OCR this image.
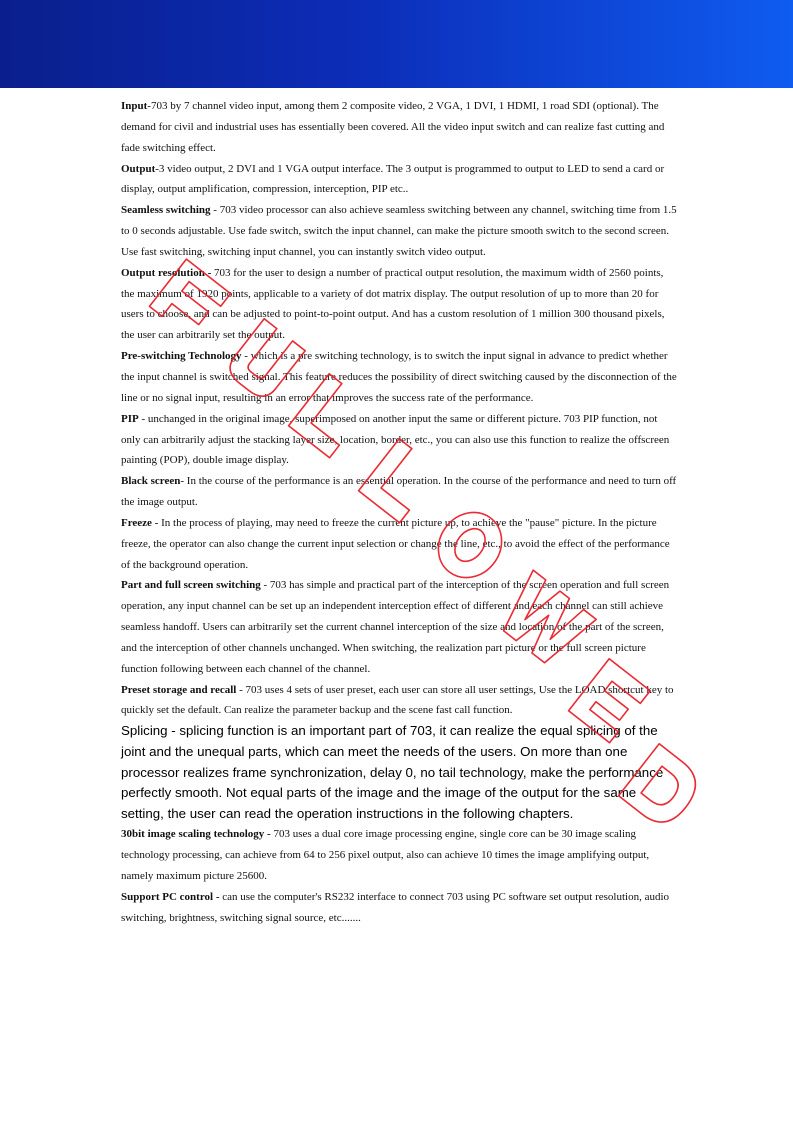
Input-703 by 7 channel video input, among them 2 composite video, 2 VGA, 1 DVI, 1 HDMI, 1 road SDI (optional). The demand for civil and industrial uses has essentially been covered. All the video input switch and can realize fast cutting and fade switching effect.

Output-3 video output, 2 DVI and 1 VGA output interface. The 3 output is programmed to output to LED to send a card or display, output amplification, compression, interception, PIP etc..

Seamless switching - 703 video processor can also achieve seamless switching between any channel, switching time from 1.5 to 0 seconds adjustable. Use fade switch, switch the input channel, can make the picture smooth switch to the second screen. Use fast switching, switching input channel, you can instantly switch video output.

Output resolution - 703 for the user to design a number of practical output resolution, the maximum width of 2560 points, the maximum of 1920 points, applicable to a variety of dot matrix display. The output resolution of up to more than 20 for users to choose, and can be adjusted to point-to-point output. And has a custom resolution of 1 million 300 thousand pixels, the user can arbitrarily set the output.

Pre-switching Technology - which is a pre switching technology, is to switch the input signal in advance to predict whether the input channel is switched signal. This feature reduces the possibility of direct switching caused by the disconnection of the line or no signal input, resulting in an error that improves the success rate of the performance.

PIP - unchanged in the original image, superimposed on another input the same or different picture. 703 PIP function, not only can arbitrarily adjust the stacking layer size, location, border, etc., you can also use this function to realize the offscreen painting (POP), double image display.

Black screen- In the course of the performance is an essential operation. In the course of the performance and need to turn off the image output.

Freeze - In the process of playing, may need to freeze the current picture up, to achieve the "pause" picture. In the picture freeze, the operator can also change the current input selection or change the line, etc., to avoid the effect of the performance of the background operation.

Part and full screen switching - 703 has simple and practical part of the interception of the screen operation and full screen operation, any input channel can be set up an independent interception effect of different and each channel can still achieve seamless handoff. Users can arbitrarily set the current channel interception of the size and location of the part of the screen, and the interception of other channels unchanged. When switching, the realization part picture or the full screen picture function following between each channel of the channel.

Preset storage and recall - 703 uses 4 sets of user preset, each user can store all user settings, Use the LOAD shortcut key to quickly set the default. Can realize the parameter backup and the scene fast call function.

Splicing - splicing function is an important part of 703, it can realize the equal splicing of the joint and the unequal parts, which can meet the needs of the users. On more than one processor realizes frame synchronization, delay 0, no tail technology, make the performance perfectly smooth. Not equal parts of the image and the image of the output for the same setting, the user can read the operation instructions in the following chapters.

30bit image scaling technology - 703 uses a dual core image processing engine, single core can be 30 image scaling technology processing, can achieve from 64 to 256 pixel output, also can achieve 10 times the image amplifying output, namely maximum picture 25600.

Support PC control - can use the computer's RS232 interface to connect 703 using PC software set output resolution, audio switching, brightness, switching signal source, etc.......
